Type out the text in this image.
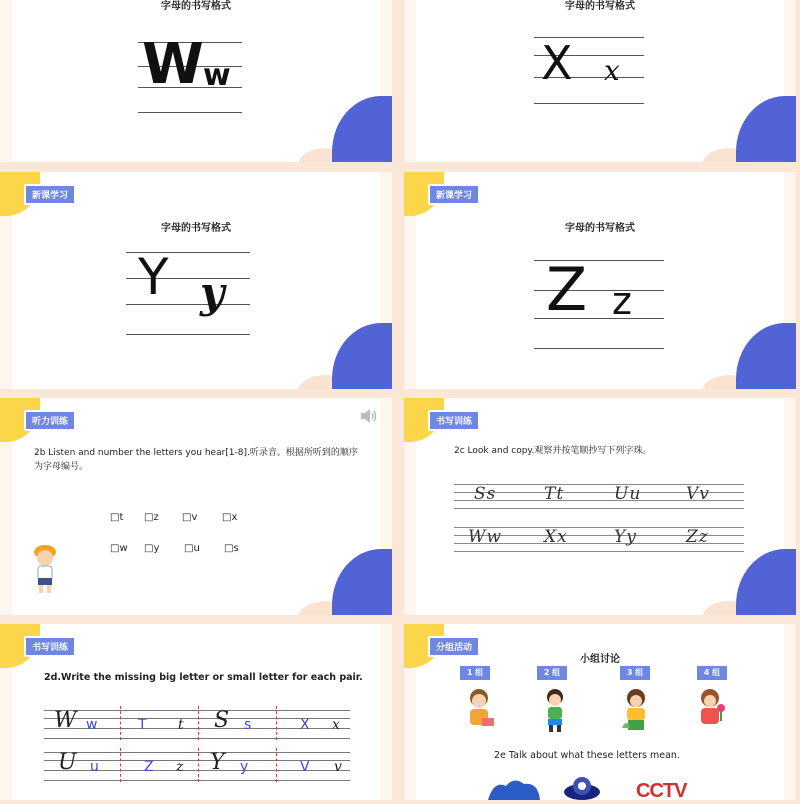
字母的书写格式
W w
字母的书写格式
X x
新课学习
字母的书写格式
Y y
新课学习
字母的书写格式
Z z
听力训练
2b Listen and number the letters you hear[1-8].听录音。根据所听到的顺序为字母编号。
□t □z □v □x
□w □y □u □s
书写训练
2c Look and copy.观察并按笔顺抄写下列字珠。
Ss	Tt	Uu	Vv
Ww Xx	Yy	Zz
书写训练
2d.Write the missing big letter or small letter for each pair.
W w	T t S s	X x
U u	Z z Y y	V v
分组活动
小组讨论
1 组	2 组	3 组	4 组
2e Talk about what these letters mean.
CCTV
